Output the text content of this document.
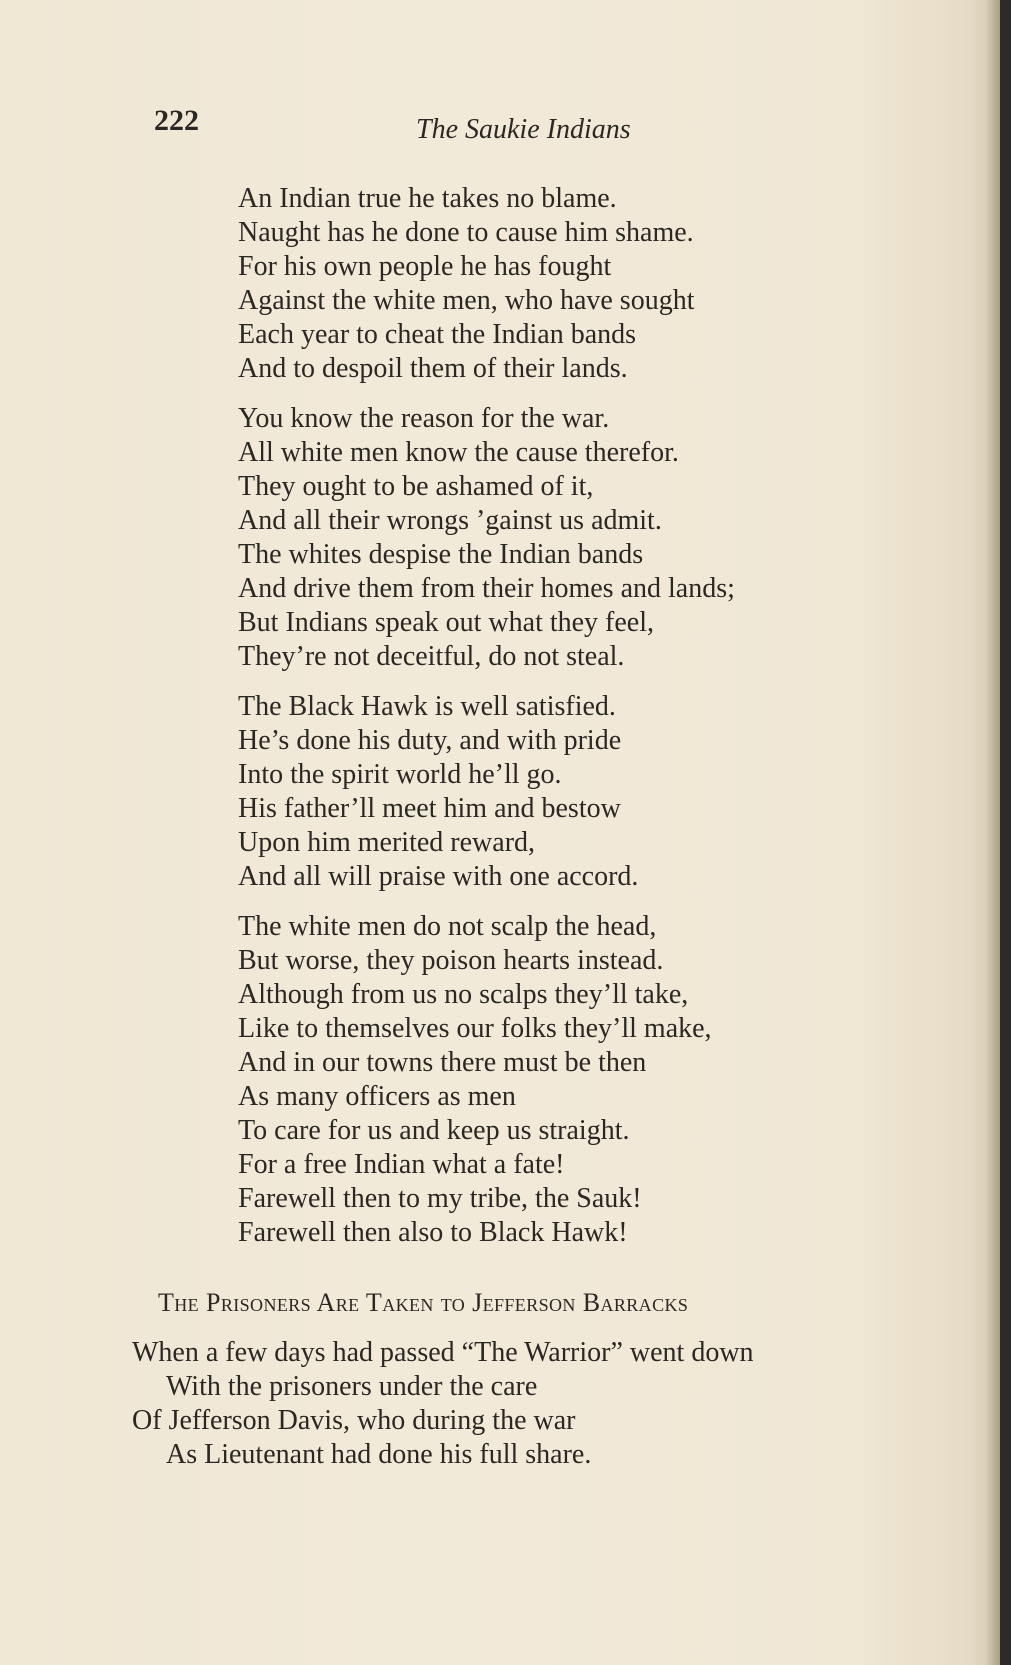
222	The Saukie Indians
An Indian true he takes no blame.
Naught has he done to cause him shame.
For his own people he has fought
Against the white men, who have sought
Each year to cheat the Indian bands
And to despoil them of their lands.
You know the reason for the war.
All white men know the cause therefor.
They ought to be ashamed of it,
And all their wrongs ’gainst us admit.
The whites despise the Indian bands
And drive them from their homes and lands;
But Indians speak out what they feel,
They’re not deceitful, do not steal.
The Black Hawk is well satisfied.
He’s done his duty, and with pride
Into the spirit world he’ll go.
His father’ll meet him and bestow
Upon him merited reward,
And all will praise with one accord.
The white men do not scalp the head,
But worse, they poison hearts instead.
Although from us no scalps they’ll take,
Like to themselves our folks they’ll make,
And in our towns there must be then
As many officers as men
To care for us and keep us straight.
For a free Indian what a fate!
Farewell then to my tribe, the Sauk!
Farewell then also to Black Hawk!
The Prisoners Are Taken to Jefferson Barracks
When a few days had passed “The Warrior” went down
With the prisoners under the care
Of Jefferson Davis, who during the war
As Lieutenant had done his full share.
